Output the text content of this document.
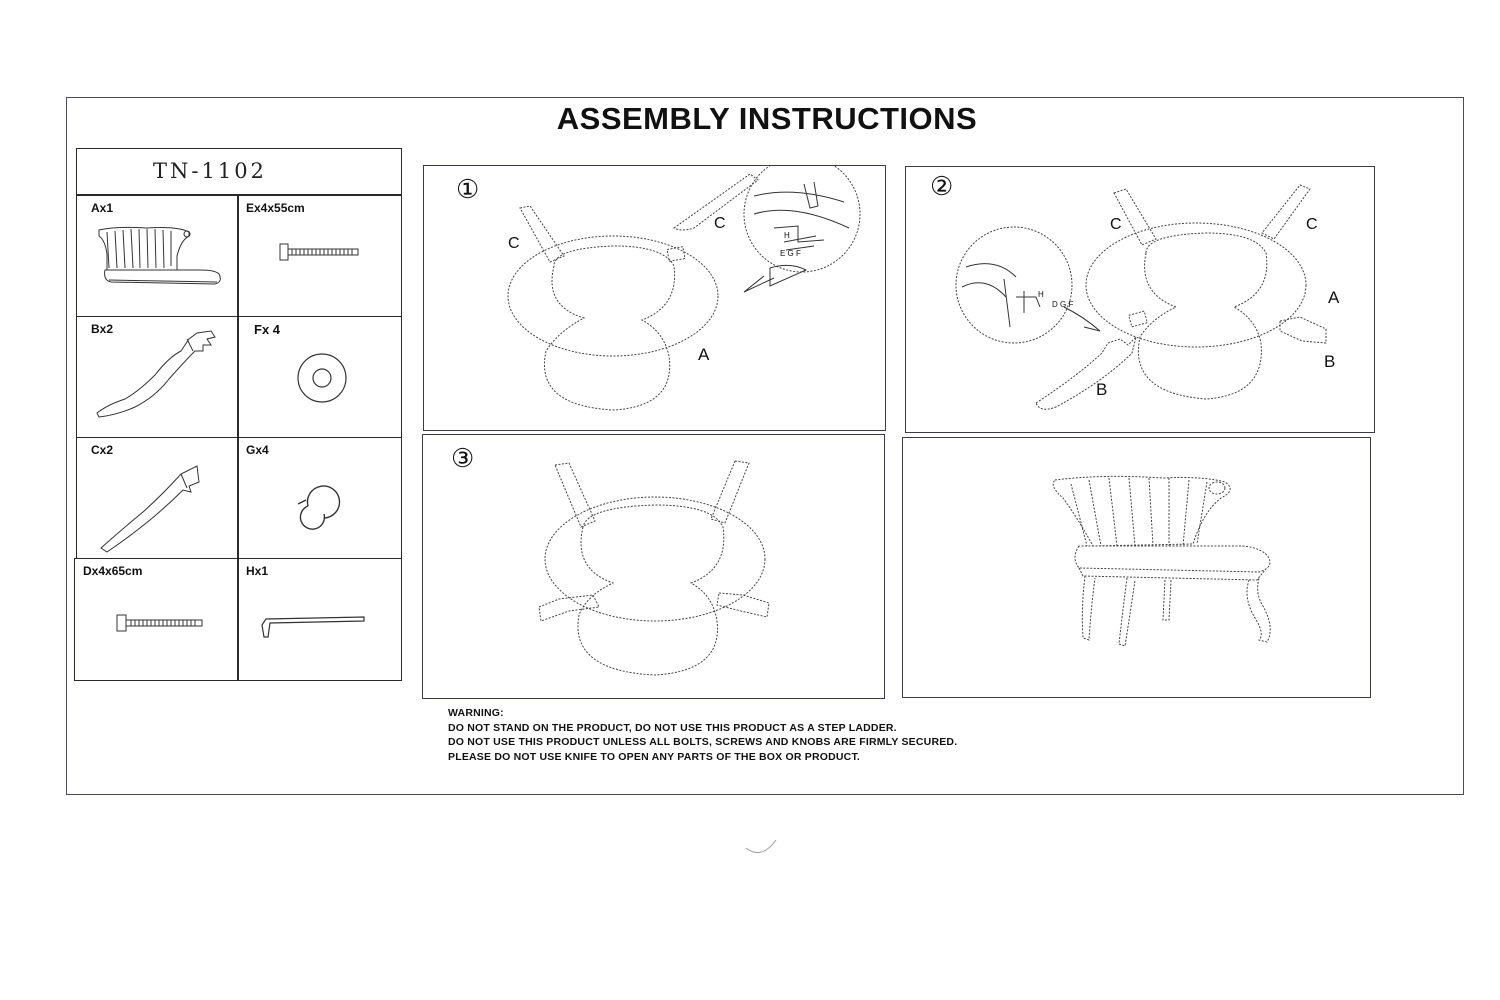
ASSEMBLY INSTRUCTIONS
TN-1102
Ax1	Ex4x55cm
Bx2	Fx 4
Cx2	Gx4
Dx4x65cm	Hx1
①
C
C
A
H
E G F
②
C	C
A
B
B
H
D G F
③
WARNING:
DO NOT STAND ON THE PRODUCT, DO NOT USE THIS PRODUCT AS A STEP LADDER.
DO NOT USE THIS PRODUCT UNLESS ALL BOLTS, SCREWS AND KNOBS ARE FIRMLY SECURED.
PLEASE DO NOT USE KNIFE TO OPEN ANY PARTS OF THE BOX OR PRODUCT.
